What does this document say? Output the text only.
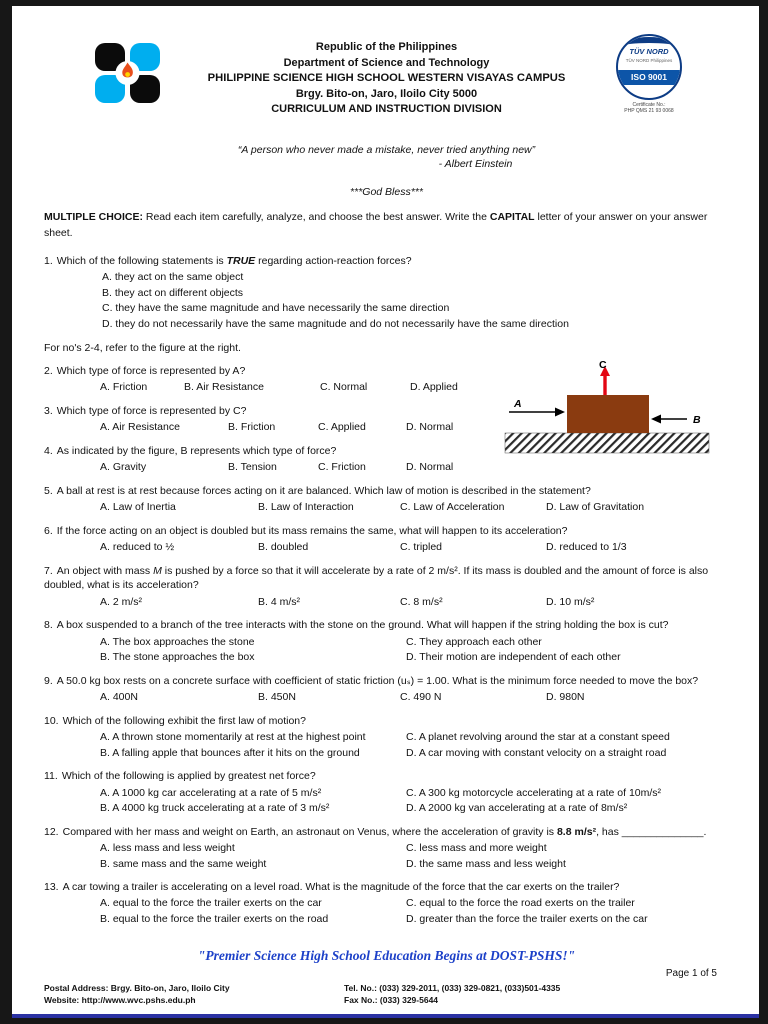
Republic of the Philippines
Department of Science and Technology
PHILIPPINE SCIENCE HIGH SCHOOL WESTERN VISAYAS CAMPUS
Brgy. Bito-on, Jaro, Iloilo City 5000
CURRICULUM AND INSTRUCTION DIVISION
TÜV NORD
TÜV NORD Philippines
ISO 9001
Certificate No.:
PHP QMS 21 93 0068
“A person who never made a mistake, never tried anything new”
- Albert Einstein
***God Bless***

MULTIPLE CHOICE: Read each item carefully, analyze, and choose the best answer. Write the CAPITAL letter of your answer on your answer sheet.

1. Which of the following statements is TRUE regarding action-reaction forces?

A. they act on the same object
B. they act on different objects
C. they have the same magnitude and have necessarily the same direction
D. they do not necessarily have the same magnitude and do not necessarily have the same direction

For no's 2-4, refer to the figure at the right.

C
A
B

2. Which type of force is represented by A?

A. Friction	B. Air Resistance	C. Normal	D. Applied

3. Which type of force is represented by C?

A. Air Resistance	B. Friction	C. Applied	D. Normal

4. As indicated by the figure, B represents which type of force?

A. Gravity	B. Tension	C. Friction	D. Normal

5. A ball at rest is at rest because forces acting on it are balanced. Which law of motion is described in the statement?

A. Law of Inertia	B. Law of Interaction	C. Law of Acceleration	D. Law of Gravitation

6. If the force acting on an object is doubled but its mass remains the same, what will happen to its acceleration?

A. reduced to ½	B. doubled	C. tripled	D. reduced to 1/3

7. An object with mass M is pushed by a force so that it will accelerate by a rate of 2 m/s². If its mass is doubled and the amount of force is also doubled, what is its acceleration?

A. 2 m/s²	B. 4 m/s²	C. 8 m/s²	D. 10 m/s²

8. A box suspended to a branch of the tree interacts with the stone on the ground. What will happen if the string holding the box is cut?

A. The box approaches the stone	C. They approach each other
B. The stone approaches the box	D. Their motion are independent of each other

9. A 50.0 kg box rests on a concrete surface with coefficient of static friction (uₛ) = 1.00. What is the minimum force needed to move the box?

A. 400N	B. 450N	C. 490 N	D. 980N

10. Which of the following exhibit the first law of motion?

A. A thrown stone momentarily at rest at the highest point	C. A planet revolving around the star at a constant speed
B. A falling apple that bounces after it hits on the ground	D. A car moving with constant velocity on a straight road

11. Which of the following is applied by greatest net force?

A. A 1000 kg car accelerating at a rate of 5 m/s²	C. A 300 kg motorcycle accelerating at a rate of 10m/s²
B. A 4000 kg truck accelerating at a rate of 3 m/s²	D. A 2000 kg van accelerating at a rate of 8m/s²

12. Compared with her mass and weight on Earth, an astronaut on Venus, where the acceleration of gravity is 8.8 m/s², has ______________.

A. less mass and less weight	C. less mass and more weight
B. same mass and the same weight	D. the same mass and less weight

13. A car towing a trailer is accelerating on a level road. What is the magnitude of the force that the car exerts on the trailer?

A. equal to the force the trailer exerts on the car	C. equal to the force the road exerts on the trailer
B. equal to the force the trailer exerts on the road	D. greater than the force the trailer exerts on the car
"Premier Science High School Education Begins at DOST-PSHS!"
Page 1 of 5
Postal Address: Brgy. Bito-on, Jaro, Iloilo City
Website: http://www.wvc.pshs.edu.ph
Tel. No.: (033) 329-2011, (033) 329-0821, (033)501-4335
Fax No.: (033) 329-5644
